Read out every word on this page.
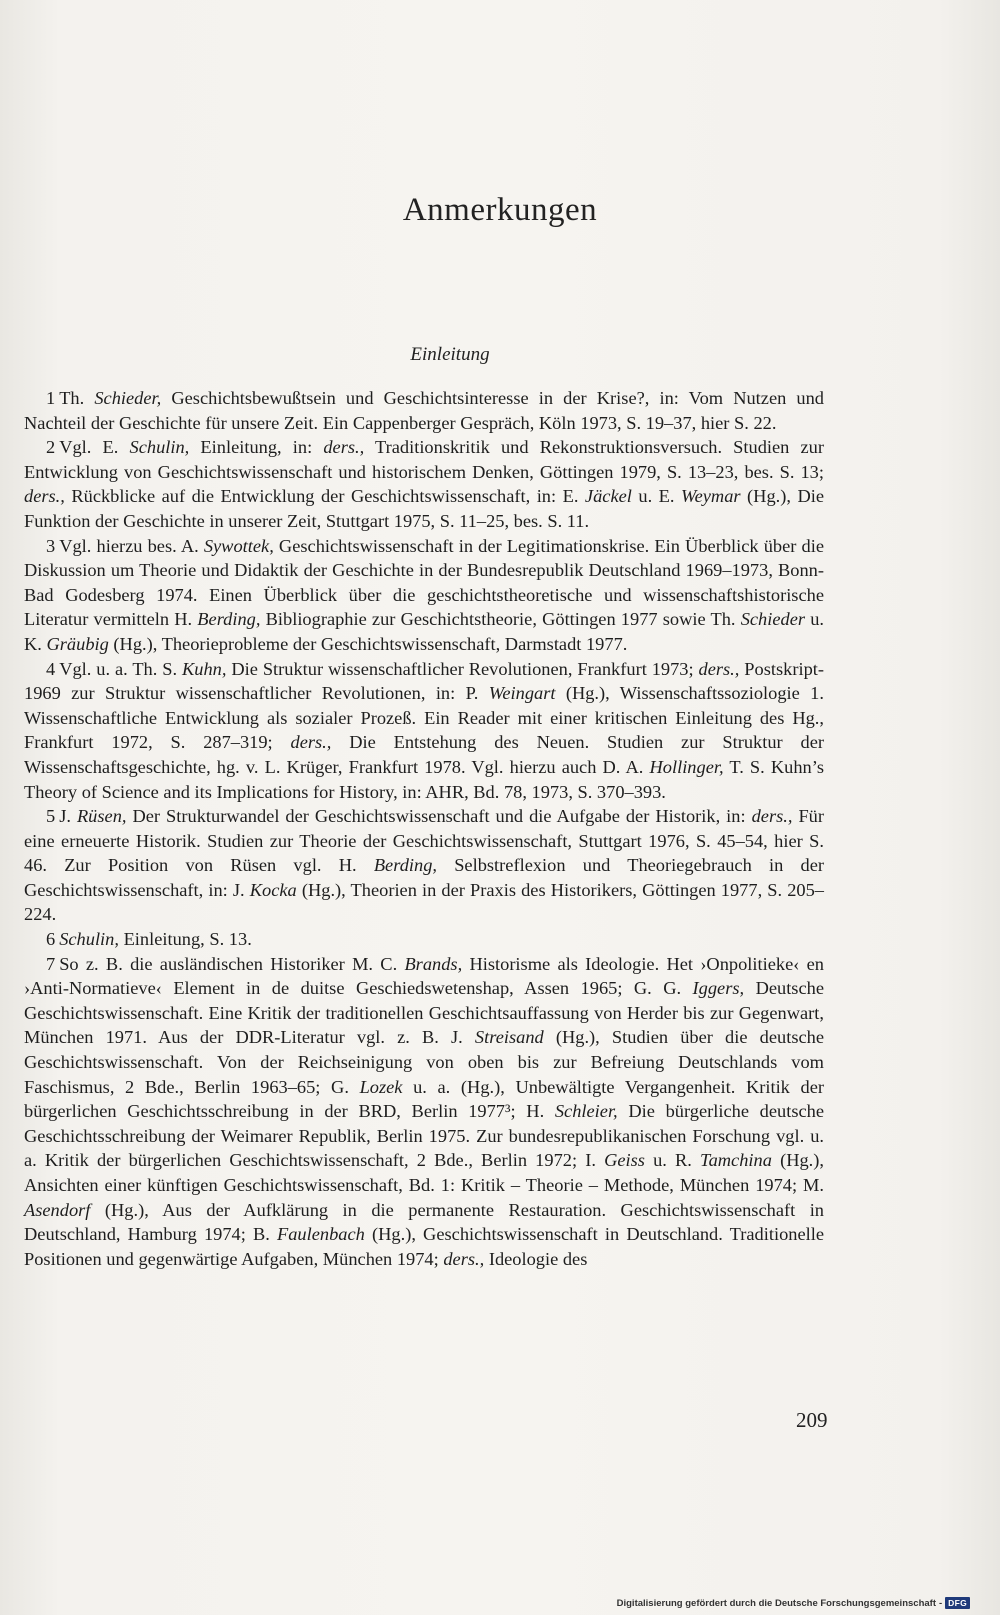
Anmerkungen
Einleitung

1 Th. Schieder, Geschichtsbewußtsein und Geschichtsinteresse in der Krise?, in: Vom Nutzen und Nachteil der Geschichte für unsere Zeit. Ein Cappenberger Gespräch, Köln 1973, S. 19–37, hier S. 22.

2 Vgl. E. Schulin, Einleitung, in: ders., Traditionskritik und Rekonstruktionsversuch. Studien zur Entwicklung von Geschichtswissenschaft und historischem Denken, Göttingen 1979, S. 13–23, bes. S. 13; ders., Rückblicke auf die Entwicklung der Geschichtswissenschaft, in: E. Jäckel u. E. Weymar (Hg.), Die Funktion der Geschichte in unserer Zeit, Stuttgart 1975, S. 11–25, bes. S. 11.

3 Vgl. hierzu bes. A. Sywottek, Geschichtswissenschaft in der Legitimationskrise. Ein Überblick über die Diskussion um Theorie und Didaktik der Geschichte in der Bundesrepublik Deutschland 1969–1973, Bonn-Bad Godesberg 1974. Einen Überblick über die geschichtstheoretische und wissenschaftshistorische Literatur vermitteln H. Berding, Bibliographie zur Geschichtstheorie, Göttingen 1977 sowie Th. Schieder u. K. Gräubig (Hg.), Theorieprobleme der Geschichtswissenschaft, Darmstadt 1977.

4 Vgl. u. a. Th. S. Kuhn, Die Struktur wissenschaftlicher Revolutionen, Frankfurt 1973; ders., Postskript-1969 zur Struktur wissenschaftlicher Revolutionen, in: P. Weingart (Hg.), Wissenschaftssoziologie 1. Wissenschaftliche Entwicklung als sozialer Prozeß. Ein Reader mit einer kritischen Einleitung des Hg., Frankfurt 1972, S. 287–319; ders., Die Entstehung des Neuen. Studien zur Struktur der Wissenschaftsgeschichte, hg. v. L. Krüger, Frankfurt 1978. Vgl. hierzu auch D. A. Hollinger, T. S. Kuhn’s Theory of Science and its Implications for History, in: AHR, Bd. 78, 1973, S. 370–393.

5 J. Rüsen, Der Strukturwandel der Geschichtswissenschaft und die Aufgabe der Historik, in: ders., Für eine erneuerte Historik. Studien zur Theorie der Geschichtswissenschaft, Stuttgart 1976, S. 45–54, hier S. 46. Zur Position von Rüsen vgl. H. Berding, Selbstreflexion und Theoriegebrauch in der Geschichtswissenschaft, in: J. Kocka (Hg.), Theorien in der Praxis des Historikers, Göttingen 1977, S. 205–224.

6 Schulin, Einleitung, S. 13.

7 So z. B. die ausländischen Historiker M. C. Brands, Historisme als Ideologie. Het ›Onpolitieke‹ en ›Anti-Normatieve‹ Element in de duitse Geschiedswetenshap, Assen 1965; G. G. Iggers, Deutsche Geschichtswissenschaft. Eine Kritik der traditionellen Geschichtsauffassung von Herder bis zur Gegenwart, München 1971. Aus der DDR-Literatur vgl. z. B. J. Streisand (Hg.), Studien über die deutsche Geschichtswissenschaft. Von der Reichseinigung von oben bis zur Befreiung Deutschlands vom Faschismus, 2 Bde., Berlin 1963–65; G. Lozek u. a. (Hg.), Unbewältigte Vergangenheit. Kritik der bürgerlichen Geschichtsschreibung in der BRD, Berlin 1977³; H. Schleier, Die bürgerliche deutsche Geschichtsschreibung der Weimarer Republik, Berlin 1975. Zur bundesrepublikanischen Forschung vgl. u. a. Kritik der bürgerlichen Geschichtswissenschaft, 2 Bde., Berlin 1972; I. Geiss u. R. Tamchina (Hg.), Ansichten einer künftigen Geschichtswissenschaft, Bd. 1: Kritik – Theorie – Methode, München 1974; M. Asendorf (Hg.), Aus der Aufklärung in die permanente Restauration. Geschichtswissenschaft in Deutschland, Hamburg 1974; B. Faulenbach (Hg.), Geschichtswissenschaft in Deutschland. Traditionelle Positionen und gegenwärtige Aufgaben, München 1974; ders., Ideologie des

209
Digitalisierung gefördert durch die Deutsche Forschungsgemeinschaft - DFG
